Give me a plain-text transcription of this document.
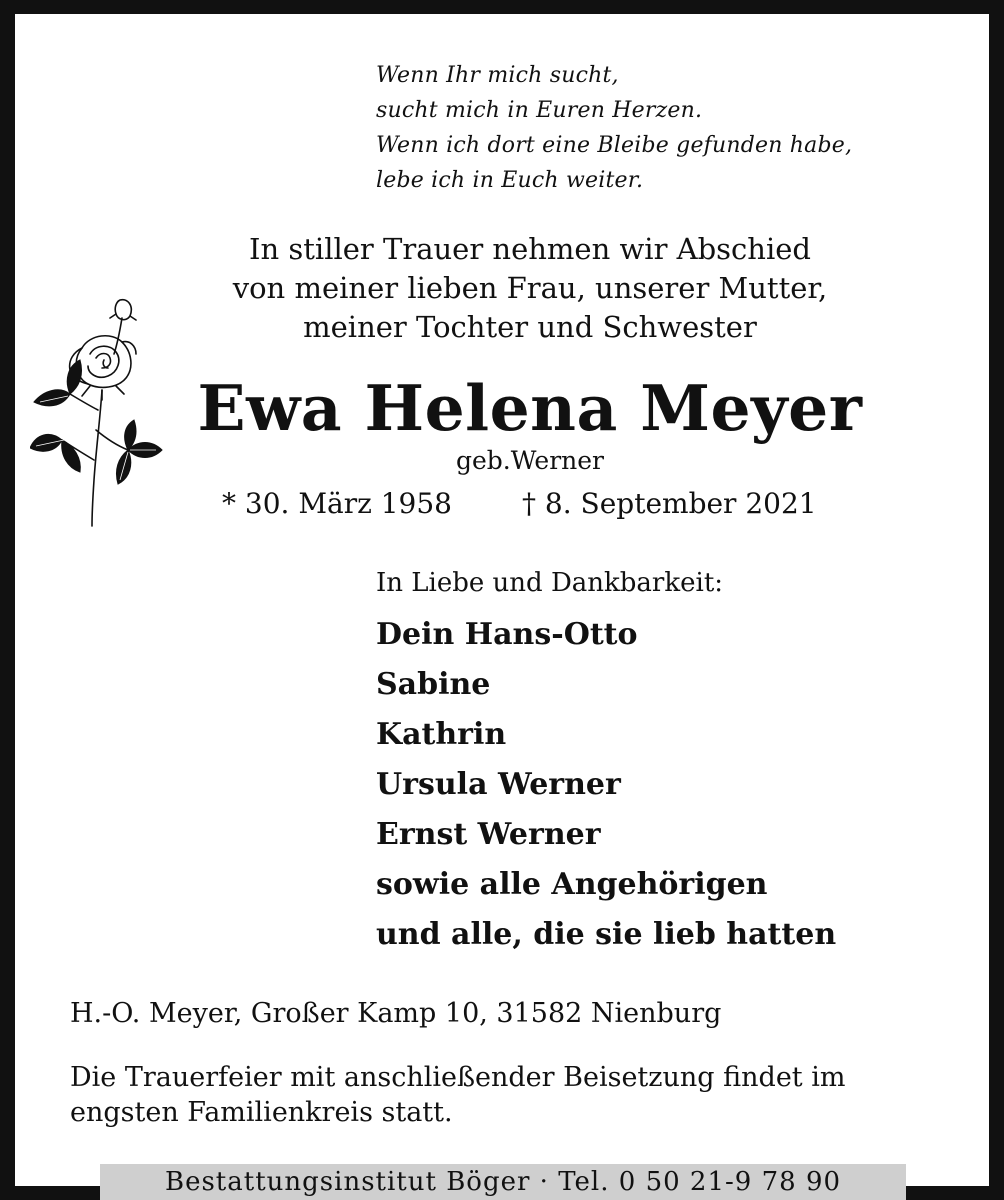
Wenn Ihr mich sucht,
sucht mich in Euren Herzen.
Wenn ich dort eine Bleibe gefunden habe,
lebe ich in Euch weiter.
In stiller Trauer nehmen wir Abschied
von meiner lieben Frau, unserer Mutter,
meiner Tochter und Schwester
Ewa Helena Meyer
geb.Werner
* 30. März 1958	† 8. September 2021
In Liebe und Dankbarkeit:
Dein Hans-Otto
Sabine
Kathrin
Ursula Werner
Ernst Werner
sowie alle Angehörigen
und alle, die sie lieb hatten
H.-O. Meyer, Großer Kamp 10, 31582 Nienburg
Die Trauerfeier mit anschließender Beisetzung findet im
engsten Familienkreis statt.
Bestattungsinstitut Böger · Tel. 0 50 21-9 78 90
